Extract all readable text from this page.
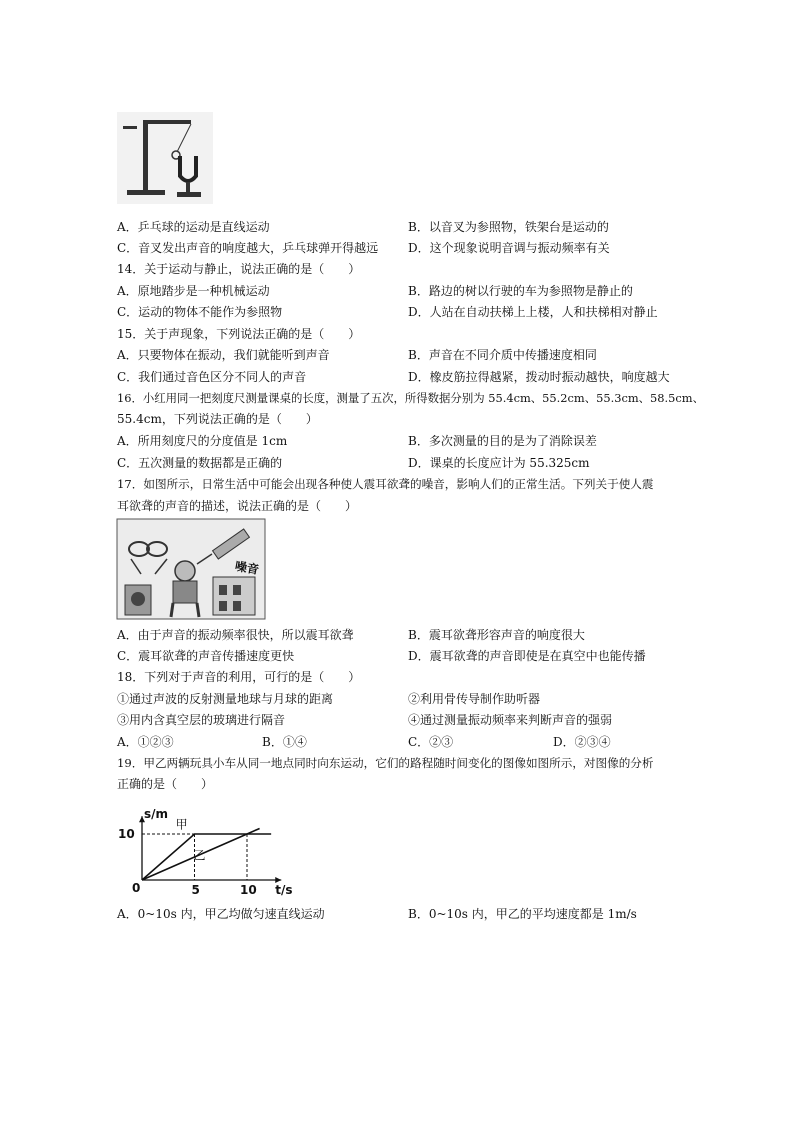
A．乒乓球的运动是直线运动	B．以音叉为参照物，铁架台是运动的
C．音叉发出声音的响度越大，乒乓球弹开得越远 D．这个现象说明音调与振动频率有关
14．关于运动与静止，说法正确的是（　　）
A．原地踏步是一种机械运动	B．路边的树以行驶的车为参照物是静止的
C．运动的物体不能作为参照物	D．人站在自动扶梯上上楼，人和扶梯相对静止
15．关于声现象，下列说法正确的是（　　）
A．只要物体在振动，我们就能听到声音	B．声音在不同介质中传播速度相同
C．我们通过音色区分不同人的声音	D．橡皮筋拉得越紧，拨动时振动越快，响度越大
16．小红用同一把刻度尺测量课桌的长度，测量了五次，所得数据分别为 55.4cm、55.2cm、55.3cm、58.5cm、
55.4cm，下列说法正确的是（　　）
A．所用刻度尺的分度值是 1cm	B．多次测量的目的是为了消除误差
C．五次测量的数据都是正确的	D．课桌的长度应计为 55.325cm
17．如图所示，日常生活中可能会出现各种使人震耳欲聋的噪音，影响人们的正常生活。下列关于使人震
耳欲聋的声音的描述，说法正确的是（　　）
噪音
A．由于声音的振动频率很快，所以震耳欲聋	B．震耳欲聋形容声音的响度很大
C．震耳欲聋的声音传播速度更快	D．震耳欲聋的声音即使是在真空中也能传播
18．下列对于声音的利用，可行的是（　　）
①通过声波的反射测量地球与月球的距离	②利用骨传导制作助听器
③用内含真空层的玻璃进行隔音	④通过测量振动频率来判断声音的强弱
A．①②③	B．①④	C．②③	D．②③④
19．甲乙两辆玩具小车从同一地点同时向东运动，它们的路程随时间变化的图像如图所示，对图像的分析
正确的是（　　）
s/m
t/s
0	5	10
10
甲
乙
A．0~10s 内，甲乙均做匀速直线运动	B．0~10s 内，甲乙的平均速度都是 1m/s
